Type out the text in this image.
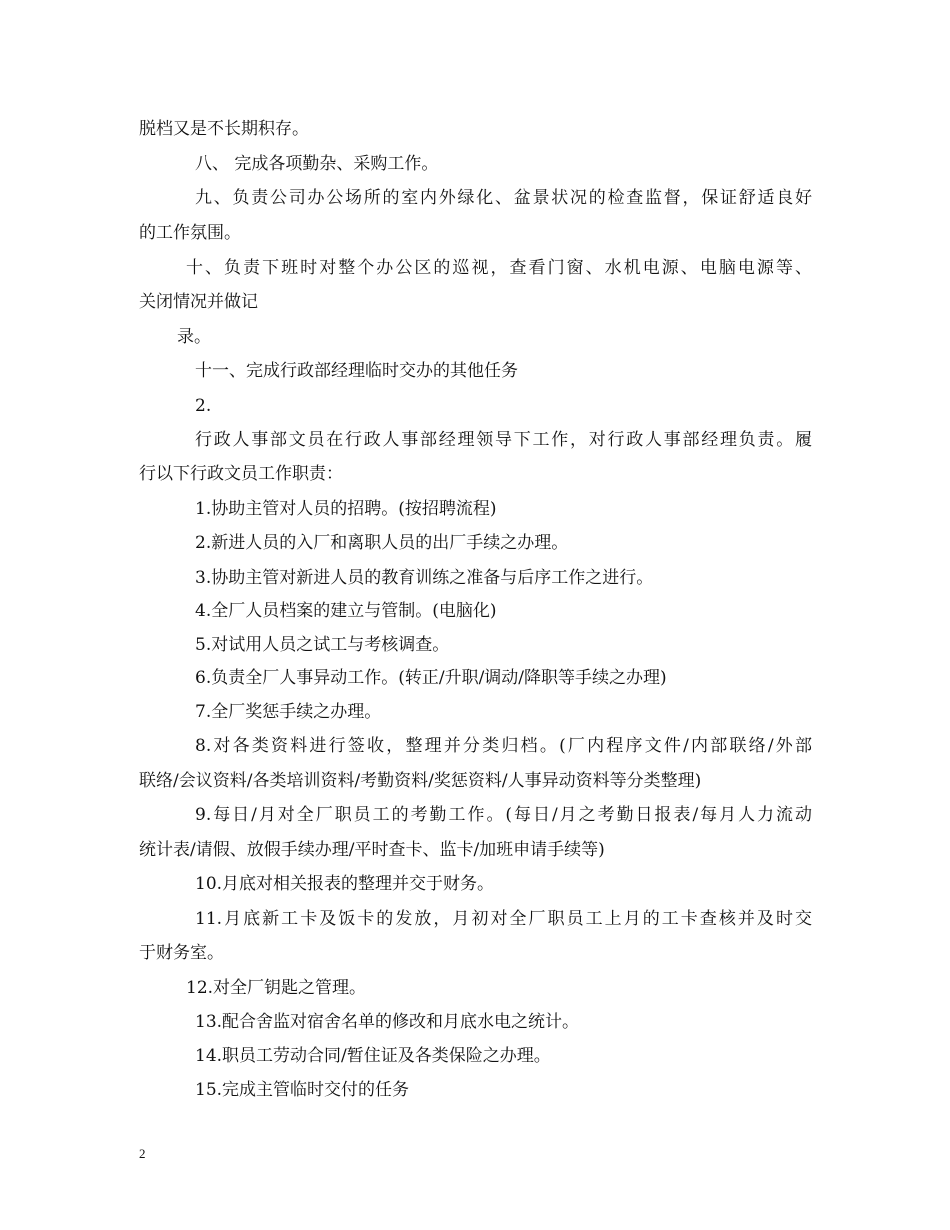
脱档又是不长期积存。

八、 完成各项勤杂、采购工作。

九、负责公司办公场所的室内外绿化、盆景状况的检查监督，保证舒适良好

的工作氛围。

十、负责下班时对整个办公区的巡视，查看门窗、水机电源、电脑电源等、

关闭情况并做记

录。

十一、完成行政部经理临时交办的其他任务

2.

行政人事部文员在行政人事部经理领导下工作，对行政人事部经理负责。履

行以下行政文员工作职责：

1.协助主管对人员的招聘。(按招聘流程)

2.新进人员的入厂和离职人员的出厂手续之办理。

3.协助主管对新进人员的教育训练之准备与后序工作之进行。

4.全厂人员档案的建立与管制。(电脑化)

5.对试用人员之试工与考核调查。

6.负责全厂人事异动工作。(转正/升职/调动/降职等手续之办理)

7.全厂奖惩手续之办理。

8.对各类资料进行签收，整理并分类归档。(厂内程序文件/内部联络/外部

联络/会议资料/各类培训资料/考勤资料/奖惩资料/人事异动资料等分类整理)

9.每日/月对全厂职员工的考勤工作。(每日/月之考勤日报表/每月人力流动

统计表/请假、放假手续办理/平时查卡、监卡/加班申请手续等)

10.月底对相关报表的整理并交于财务。

11.月底新工卡及饭卡的发放，月初对全厂职员工上月的工卡查核并及时交

于财务室。

12.对全厂钥匙之管理。

13.配合舍监对宿舍名单的修改和月底水电之统计。

14.职员工劳动合同/暂住证及各类保险之办理。

15.完成主管临时交付的任务

2
